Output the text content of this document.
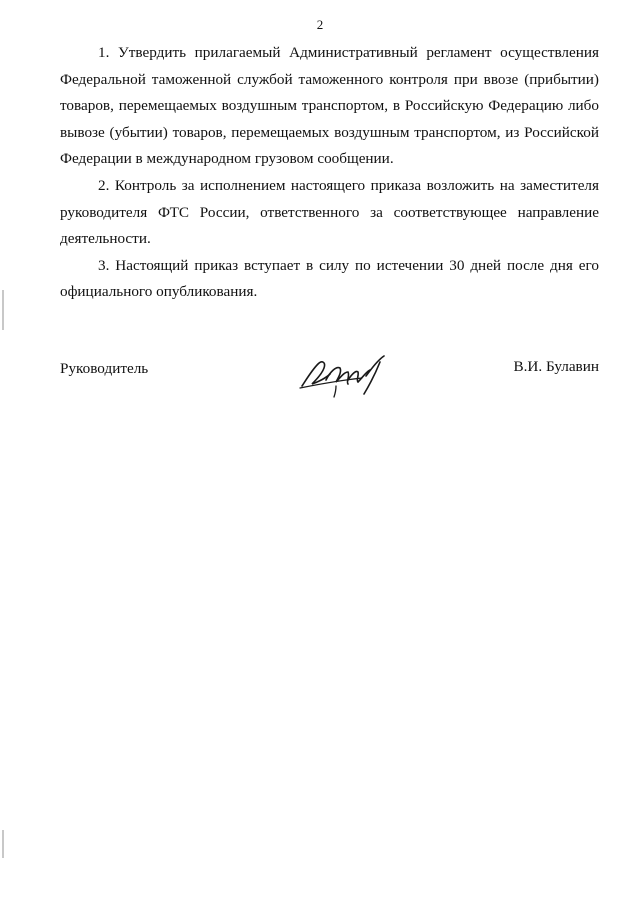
2

1. Утвердить прилагаемый Административный регламент осуществления Федеральной таможенной службой таможенного контроля при ввозе (прибытии) товаров, перемещаемых воздушным транспортом, в Российскую Федерацию либо вывозе (убытии) товаров, перемещаемых воздушным транспортом, из Российской Федерации в международном грузовом сообщении.

2. Контроль за исполнением настоящего приказа возложить на заместителя руководителя ФТС России, ответственного за соответствующее направление деятельности.

3. Настоящий приказ вступает в силу по истечении 30 дней после дня его официального опубликования.

Руководитель	В.И. Булавин
